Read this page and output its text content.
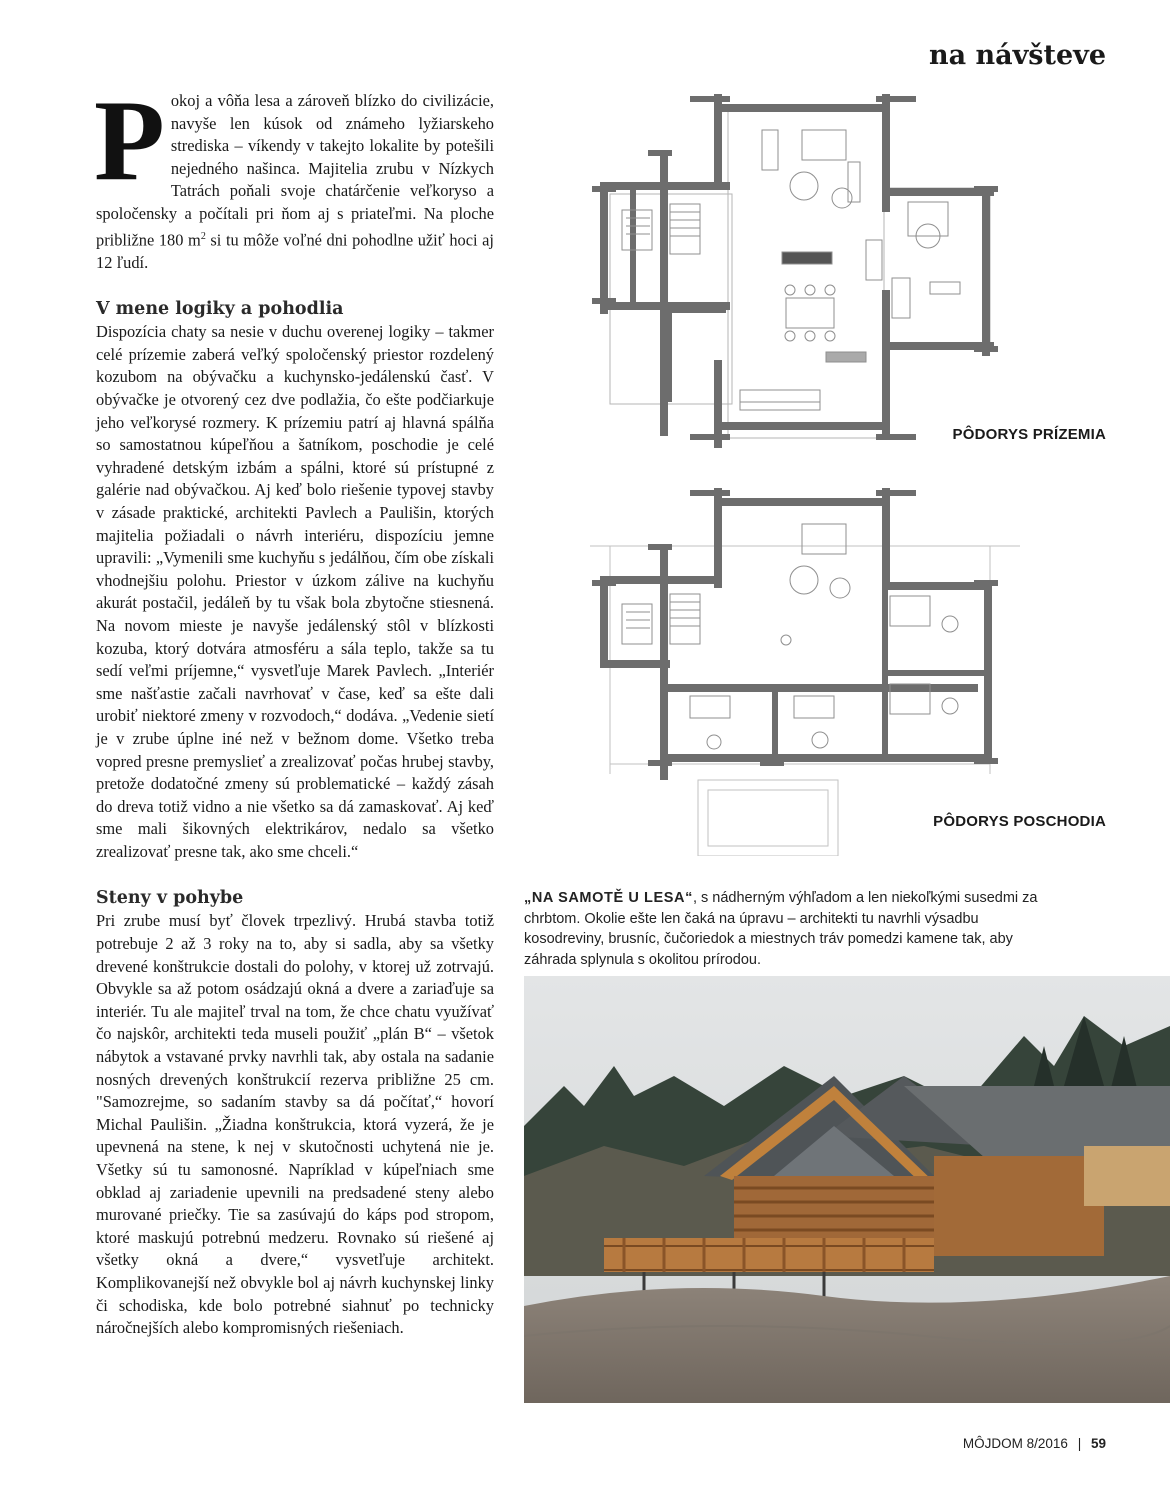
na návšteve

P okoj a vôňa lesa a zároveň blízko do civilizácie, navyše len kúsok od známeho lyžiarskeho strediska – víkendy v takejto lokalite by potešili nejedného našinca. Majitelia zrubu v Nízkych Tatrách poňali svoje chatárčenie veľkoryso a spoločensky a počítali pri ňom aj s priateľmi. Na ploche približne 180 $m^2$ si tu môže voľné dni pohodlne užiť hoci aj 12 ľudí.

V mene logiky a pohodlia

Dispozícia chaty sa nesie v duchu overenej logiky – takmer celé prízemie zaberá veľký spoločenský priestor rozdelený kozubom na obývačku a kuchynsko-jedálenskú časť. V obývačke je otvorený cez dve podlažia, čo ešte podčiarkuje jeho veľkorysé rozmery. K prízemiu patrí aj hlavná spálňa so samostatnou kúpeľňou a šatníkom, poschodie je celé vyhradené detským izbám a spálni, ktoré sú prístupné z galérie nad obývačkou. Aj keď bolo riešenie typovej stavby v zásade praktické, architekti Pavlech a Paulišin, ktorých majitelia požiadali o návrh interiéru, dispozíciu jemne upravili: „Vymenili sme kuchyňu s jedálňou, čím obe získali vhodnejšiu polohu. Priestor v úzkom zálive na kuchyňu akurát postačil, jedáleň by tu však bola zbytočne stiesnená. Na novom mieste je navyše jedálenský stôl v blízkosti kozuba, ktorý dotvára atmosféru a sála teplo, takže sa tu sedí veľmi príjemne,“ vysvetľuje Marek Pavlech. „Interiér sme našťastie začali navrhovať v čase, keď sa ešte dali urobiť niektoré zmeny v rozvodoch,“ dodáva. „Vedenie sietí je v zrube úplne iné než v bežnom dome. Všetko treba vopred presne premyslieť a zrealizovať počas hrubej stavby, pretože dodatočné zmeny sú problematické – každý zásah do dreva totiž vidno a nie všetko sa dá zamaskovať. Aj keď sme mali šikovných elektrikárov, nedalo sa všetko zrealizovať presne tak, ako sme chceli.“

Steny v pohybe

Pri zrube musí byť človek trpezlivý. Hrubá stavba totiž potrebuje 2 až 3 roky na to, aby si sadla, aby sa všetky drevené konštrukcie dostali do polohy, v ktorej už zotrvajú. Obvykle sa až potom osádzajú okná a dvere a zariaďuje sa interiér. Tu ale majiteľ trval na tom, že chce chatu využívať čo najskôr, architekti teda museli použiť „plán B“ – všetok nábytok a vstavané prvky navrhli tak, aby ostala na sadanie nosných drevených konštrukcií rezerva približne 25 cm. "Samozrejme, so sadaním stavby sa dá počítať,“ hovorí Michal Paulišin. „Žiadna konštrukcia, ktorá vyzerá, že je upevnená na stene, k nej v skutočnosti uchytená nie je. Všetky sú tu samonosné. Napríklad v kúpeľniach sme obklad aj zariadenie upevnili na predsadené steny alebo murované priečky. Tie sa zasúvajú do káps pod stropom, ktoré maskujú potrebnú medzeru. Rovnako sú riešené aj všetky okná a dvere,“ vysvetľuje architekt. Komplikovanejší než obvykle bol aj návrh kuchynskej linky či schodiska, kde bolo potrebné siahnuť po technicky náročnejších alebo kompromisných riešeniach.

PÔDORYS PRÍZEMIA
PÔDORYS POSCHODIA
„NA SAMOTĚ U LESA“, s nádherným výhľadom a len niekoľkými susedmi za chrbtom. Okolie ešte len čaká na úpravu – architekti tu navrhli výsadbu kosodreviny, brusníc, čučoriedok a miestnych tráv pomedzi kamene tak, aby záhrada splynula s okolitou prírodou.
MÔJDOM 8/2016 | 59
